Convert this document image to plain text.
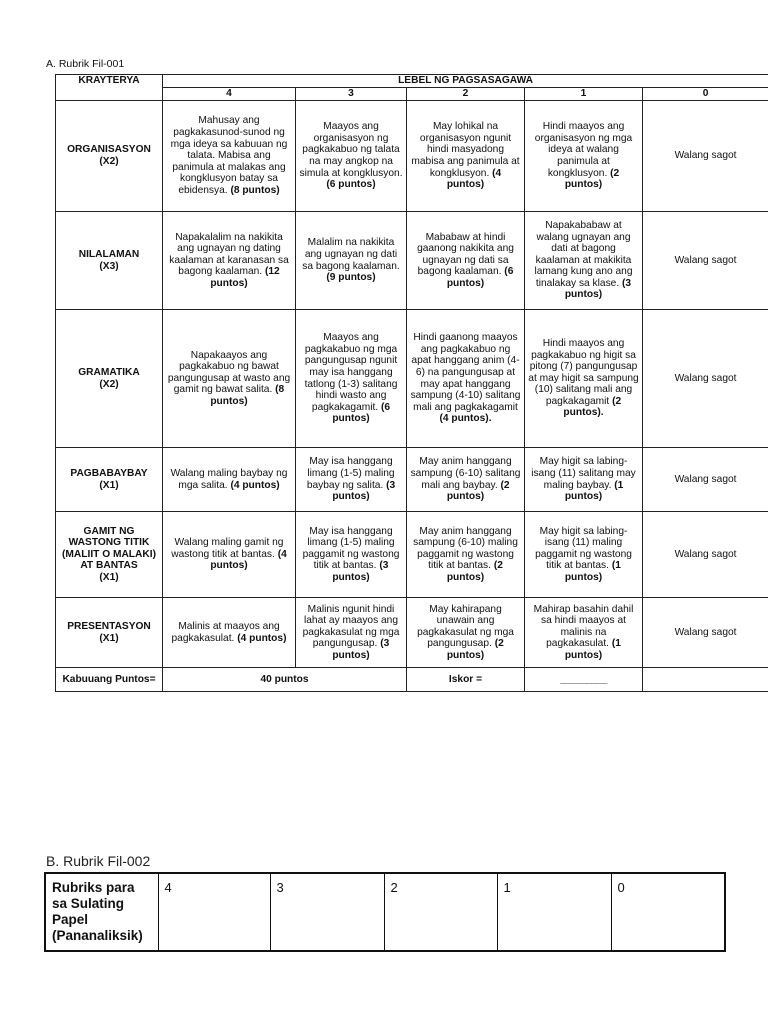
A. Rubrik Fil-001
KRAYTERYA	LEBEL NG PAGSASAGAWA				
	4	3	2	1	0

ORGANISASYON
(X2)	Mahusay ang pagkakasunod-sunod ng mga ideya sa kabuuan ng talata. Mabisa ang panimula at malakas ang kongklusyon batay sa ebidensya. (8 puntos)	Maayos ang organisasyon ng pagkakabuo ng talata na may angkop na simula at kongklusyon. (6 puntos)	May lohikal na organisasyon ngunit hindi masyadong mabisa ang panimula at kongklusyon. (4 puntos)	Hindi maayos ang organisasyon ng mga ideya at walang panimula at kongklusyon. (2 puntos)	Walang sagot

NILALAMAN
(X3)	Napakalalim na nakikita ang ugnayan ng dating kaalaman at karanasan sa bagong kaalaman. (12 puntos)	Malalim na nakikita ang ugnayan ng dati sa bagong kaalaman. (9 puntos)	Mababaw at hindi gaanong nakikita ang ugnayan ng dati sa bagong kaalaman. (6 puntos)	Napakababaw at walang ugnayan ang dati at bagong kaalaman at makikita lamang kung ano ang tinalakay sa klase. (3 puntos)	Walang sagot

GRAMATIKA
(X2)	Napakaayos ang pagkakabuo ng bawat pangungusap at wasto ang gamit ng bawat salita. (8 puntos)	Maayos ang pagkakabuo ng mga pangungusap ngunit may isa hanggang tatlong (1-3) salitang hindi wasto ang pagkakagamit. (6 puntos)	Hindi gaanong maayos ang pagkakabuo ng apat hanggang anim (4-6) na pangungusap at may apat hanggang sampung (4-10) salitang mali ang pagkakagamit (4 puntos).	Hindi maayos ang pagkakabuo ng higit sa pitong (7) pangungusap at may higit sa sampung (10) salitang mali ang pagkakagamit (2 puntos).	Walang sagot

PAGBABAYBAY
(X1)	Walang maling baybay ng mga salita. (4 puntos)	May isa hanggang limang (1-5) maling baybay ng salita. (3 puntos)	May anim hanggang sampung (6-10) salitang mali ang baybay. (2 puntos)	May higit sa labing-isang (11) salitang may maling baybay. (1 puntos)	Walang sagot

GAMIT NG WASTONG TITIK
(MALIIT O MALAKI)
AT BANTAS
(X1)	Walang maling gamit ng wastong titik at bantas. (4 puntos)	May isa hanggang limang (1-5) maling paggamit ng wastong titik at bantas. (3 puntos)	May anim hanggang sampung (6-10) maling paggamit ng wastong titik at bantas. (2 puntos)	May higit sa labing-isang (11) maling paggamit ng wastong titik at bantas. (1 puntos)	Walang sagot

PRESENTASYON
(X1)	Malinis at maayos ang pagkakasulat. (4 puntos)	Malinis ngunit hindi lahat ay maayos ang pagkakasulat ng mga pangungusap. (3 puntos)	May kahirapang unawain ang pagkakasulat ng mga pangungusap. (2 puntos)	Mahirap basahin dahil sa hindi maayos at malinis na pagkakasulat. (1 puntos)	Walang sagot
Kabuuang Puntos=	40 puntos		Iskor =	_________	
B. Rubrik Fil-002
Rubriks para sa Sulating Papel (Pananaliksik)	4	3	2	1	0
